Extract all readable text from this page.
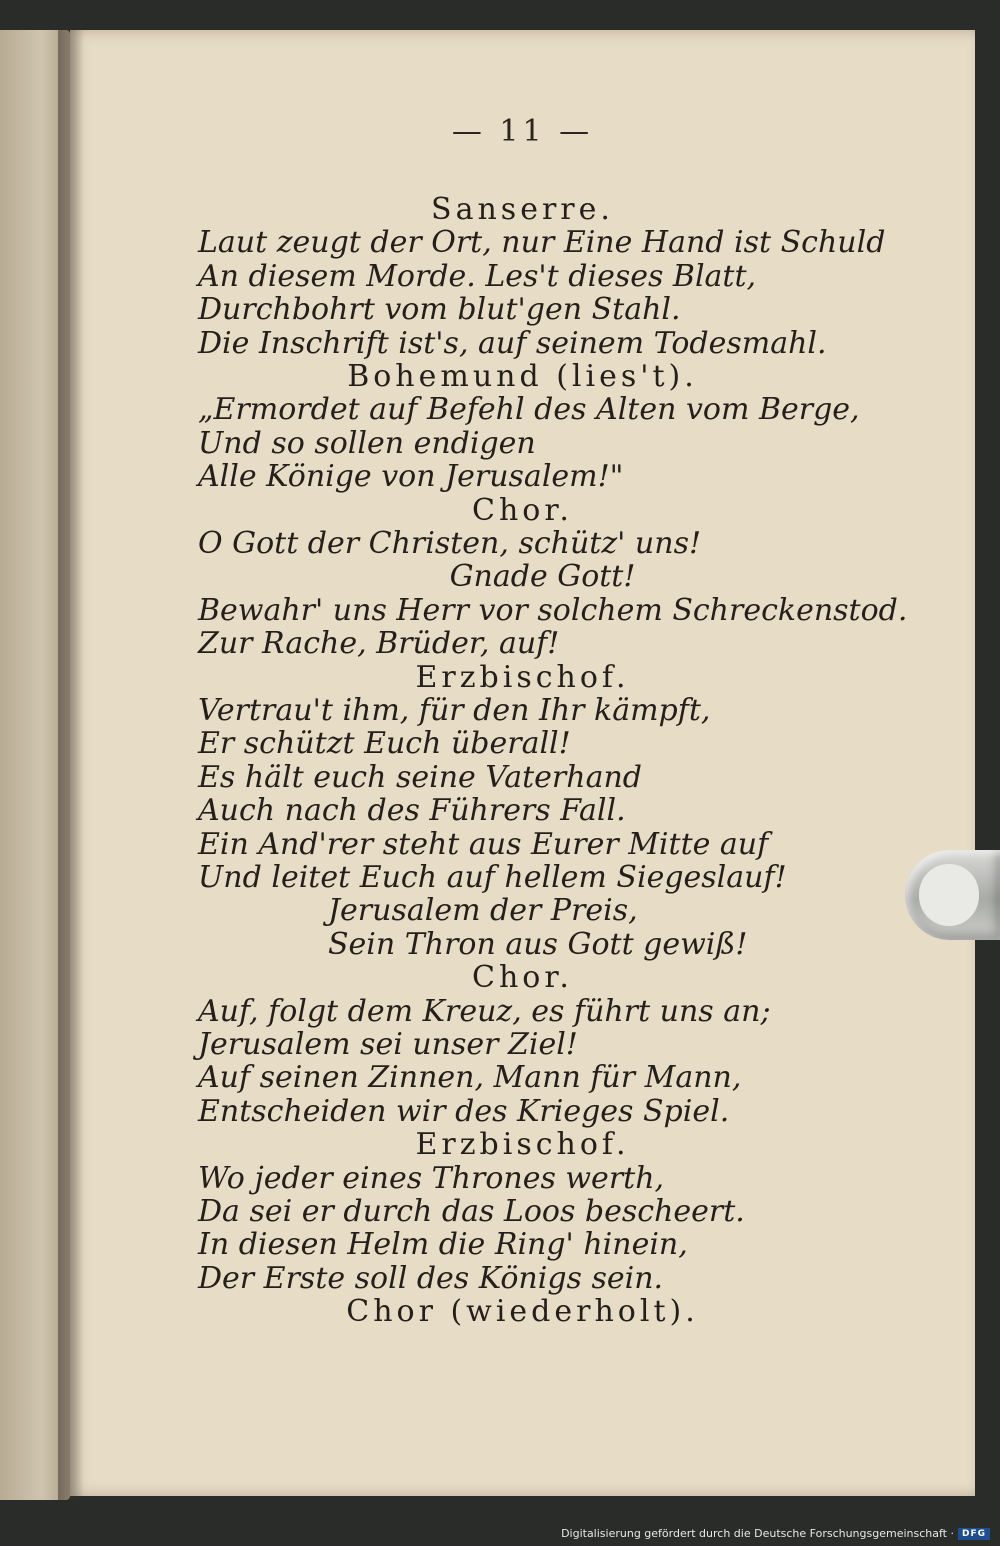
— 11 —
Sanserre.
Laut zeugt der Ort, nur Eine Hand ist Schuld
An diesem Morde. Les't dieses Blatt,
Durchbohrt vom blut'gen Stahl.
Die Inschrift ist's, auf seinem Todesmahl.
Bohemund (lies't).
„Ermordet auf Befehl des Alten vom Berge,
Und so sollen endigen
Alle Könige von Jerusalem!"
Chor.
O Gott der Christen, schütz' uns!
Gnade Gott!
Bewahr' uns Herr vor solchem Schreckenstod.
Zur Rache, Brüder, auf!
Erzbischof.
Vertrau't ihm, für den Ihr kämpft,
Er schützt Euch überall!
Es hält euch seine Vaterhand
Auch nach des Führers Fall.
Ein And'rer steht aus Eurer Mitte auf
Und leitet Euch auf hellem Siegeslauf!
Jerusalem der Preis,
Sein Thron aus Gott gewiß!
Chor.
Auf, folgt dem Kreuz, es führt uns an;
Jerusalem sei unser Ziel!
Auf seinen Zinnen, Mann für Mann,
Entscheiden wir des Krieges Spiel.
Erzbischof.
Wo jeder eines Thrones werth,
Da sei er durch das Loos bescheert.
In diesen Helm die Ring' hinein,
Der Erste soll des Königs sein.
Chor (wiederholt).
Digitalisierung gefördert durch die Deutsche Forschungsgemeinschaft · DFG
